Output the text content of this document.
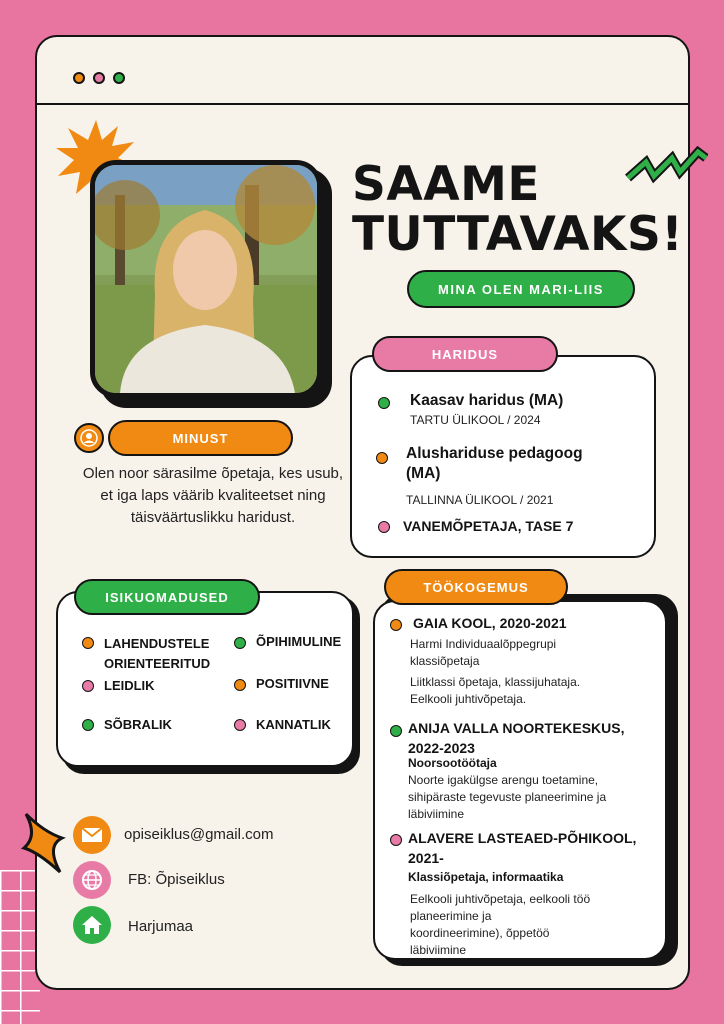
SAAME
TUTTAVAKS!
MINA OLEN MARI-LIIS
HARIDUS
Kaasav haridus (MA)
TARTU ÜLIKOOL / 2024
Alushariduse pedagoog
(MA)
TALLINNA ÜLIKOOL / 2021
VANEMÕPETAJA, TASE 7
MINUST
Olen noor särasilme õpetaja, kes usub, et iga laps väärib kvaliteetset ning täisväärtuslikku haridust.
ISIKUOMADUSED
LAHENDUSTELE
ORIENTEERITUD
ÕPIHIMULINE
LEIDLIK	POSITIIVNE
SÕBRALIK	KANNATLIK
TÖÖKOGEMUS
GAIA KOOL, 2020-2021
Harmi Individuaalõppegrupi
klassiõpetaja
Liitklassi õpetaja, klassijuhataja.
Eelkooli juhtivõpetaja.
ANIJA VALLA NOORTEKESKUS,
2022-2023
Noorsootöötaja
Noorte igakülgse arengu toetamine,
sihipäraste tegevuste planeerimine ja
läbiviimine
ALAVERE LASTEAED-PÕHIKOOL,
2021-
Klassiõpetaja, informaatika
Eelkooli juhtivõpetaja, eelkooli töö
planeerimine ja
koordineerimine), õppetöö
läbiviimine
opiseiklus@gmail.com
FB: Õpiseiklus
Harjumaa
